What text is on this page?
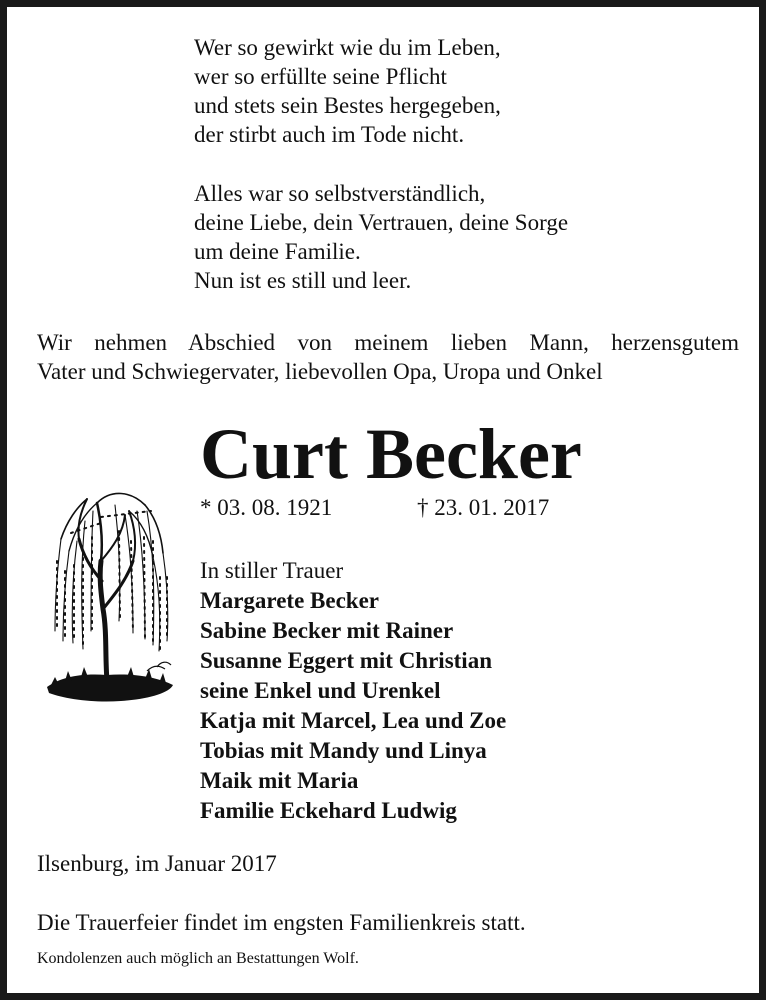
Wer so gewirkt wie du im Leben,
wer so erfüllte seine Pflicht
und stets sein Bestes hergegeben,
der stirbt auch im Tode nicht.
Alles war so selbstverständlich,
deine Liebe, dein Vertrauen, deine Sorge
um deine Familie.
Nun ist es still und leer.
Wir nehmen Abschied von meinem lieben Mann, herzensgutem
Vater und Schwiegervater, liebevollen Opa, Uropa und Onkel
Curt Becker
* 03. 08. 1921	† 23. 01. 2017
In stiller Trauer
Margarete Becker
Sabine Becker mit Rainer
Susanne Eggert mit Christian
seine Enkel und Urenkel
Katja mit Marcel, Lea und Zoe
Tobias mit Mandy und Linya
Maik mit Maria
Familie Eckehard Ludwig
Ilsenburg, im Januar 2017
Die Trauerfeier findet im engsten Familienkreis statt.
Kondolenzen auch möglich an Bestattungen Wolf.
